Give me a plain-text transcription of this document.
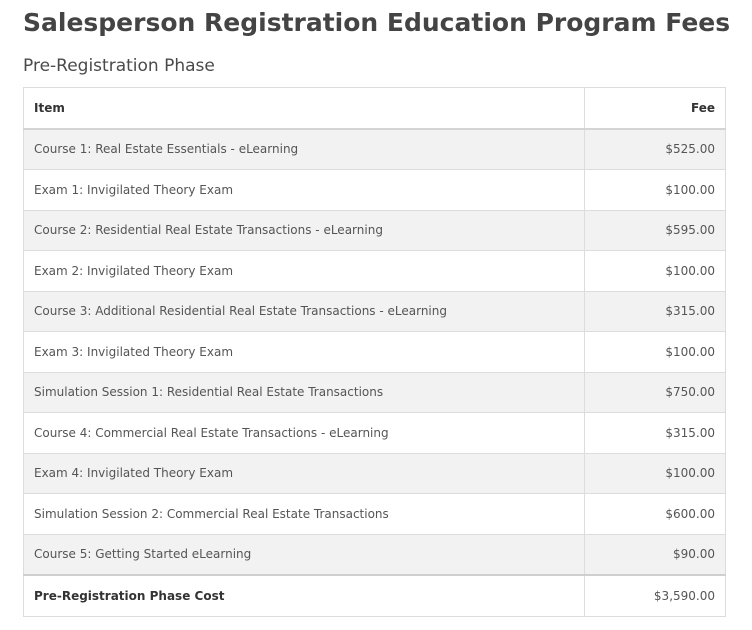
Salesperson Registration Education Program Fees
Pre-Registration Phase
Item	Fee
Course 1: Real Estate Essentials - eLearning	$525.00
Exam 1: Invigilated Theory Exam	$100.00
Course 2: Residential Real Estate Transactions - eLearning	$595.00
Exam 2: Invigilated Theory Exam	$100.00
Course 3: Additional Residential Real Estate Transactions - eLearning	$315.00
Exam 3: Invigilated Theory Exam	$100.00
Simulation Session 1: Residential Real Estate Transactions	$750.00
Course 4: Commercial Real Estate Transactions - eLearning	$315.00
Exam 4: Invigilated Theory Exam	$100.00
Simulation Session 2: Commercial Real Estate Transactions	$600.00
Course 5: Getting Started eLearning	$90.00
Pre-Registration Phase Cost	$3,590.00
